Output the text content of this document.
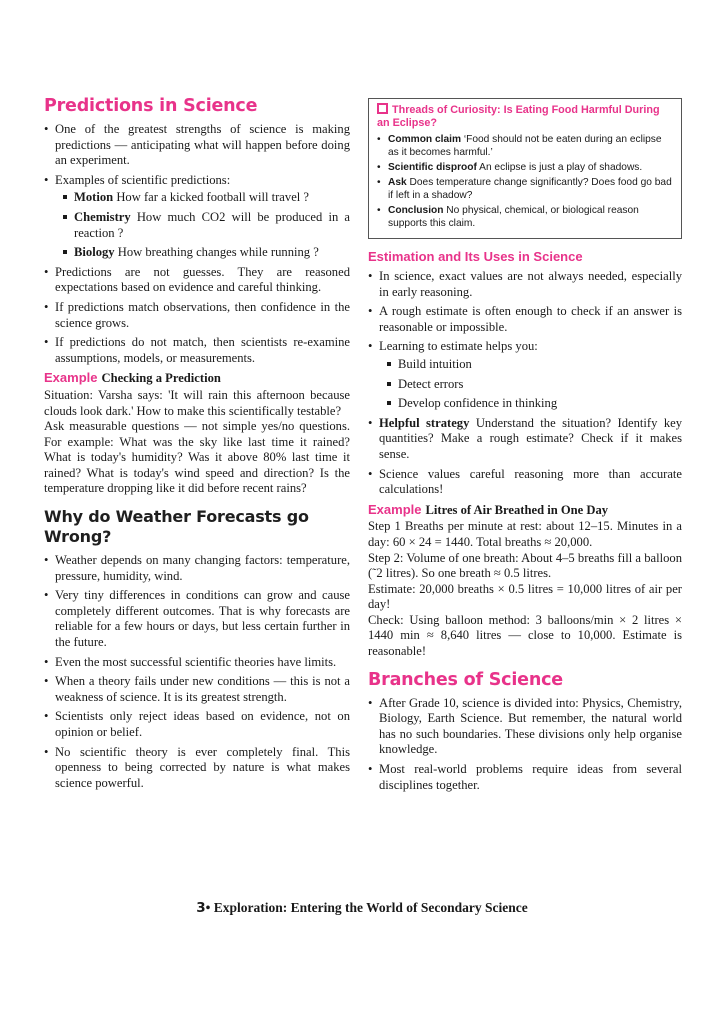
Predictions in Science
• One of the greatest strengths of science is making predictions — anticipating what will happen before doing an experiment.
• Examples of scientific predictions:
Motion How far a kicked football will travel ?
Chemistry How much CO2 will be produced in a reaction ?
Biology How breathing changes while running ?
• Predictions are not guesses. They are reasoned expectations based on evidence and careful thinking.
• If predictions match observations, then confidence in the science grows.
• If predictions do not match, then scientists re-examine assumptions, models, or measurements.
Example Checking a Prediction

Situation: Varsha says: 'It will rain this afternoon because clouds look dark.' How to make this scientifically testable?

Ask measurable questions — not simple yes/no questions. For example: What was the sky like last time it rained? What is today's humidity? Was it above 80% last time it rained? What is today's wind speed and direction? Is the temperature dropping like it did before recent rains?

Why do Weather Forecasts go Wrong?
• Weather depends on many changing factors: temperature, pressure, humidity, wind.
• Very tiny differences in conditions can grow and cause completely different outcomes. That is why forecasts are reliable for a few hours or days, but less certain further in the future.
• Even the most successful scientific theories have limits.
• When a theory fails under new conditions — this is not a weakness of science. It is its greatest strength.
• Scientists only reject ideas based on evidence, not on opinion or belief.
• No scientific theory is ever completely final. This openness to being corrected by nature is what makes science powerful.
Threads of Curiosity: Is Eating Food Harmful During an Eclipse?
• Common claim ‘Food should not be eaten during an eclipse as it becomes harmful.’
• Scientific disproof An eclipse is just a play of shadows.
• Ask Does temperature change significantly? Does food go bad if left in a shadow?
• Conclusion No physical, chemical, or biological reason supports this claim.
Estimation and Its Uses in Science
• In science, exact values are not always needed, especially in early reasoning.
• A rough estimate is often enough to check if an answer is reasonable or impossible.
• Learning to estimate helps you:
Build intuition
Detect errors
Develop confidence in thinking
• Helpful strategy Understand the situation? Identify key quantities? Make a rough estimate? Check if it makes sense.
• Science values careful reasoning more than accurate calculations!
Example Litres of Air Breathed in One Day

Step 1 Breaths per minute at rest: about 12–15. Minutes in a day: 60 × 24 = 1440. Total breaths ≈ 20,000.

Step 2: Volume of one breath: About 4–5 breaths fill a balloon (˜2 litres). So one breath ≈ 0.5 litres.

Estimate: 20,000 breaths × 0.5 litres = 10,000 litres of air per day!

Check: Using balloon method: 3 balloons/min × 2 litres × 1440 min ≈ 8,640 litres — close to 10,000. Estimate is reasonable!

Branches of Science
• After Grade 10, science is divided into: Physics, Chemistry, Biology, Earth Science. But remember, the natural world has no such boundaries. These divisions only help organise knowledge.
• Most real-world problems require ideas from several disciplines together.
3• Exploration: Entering the World of Secondary Science
